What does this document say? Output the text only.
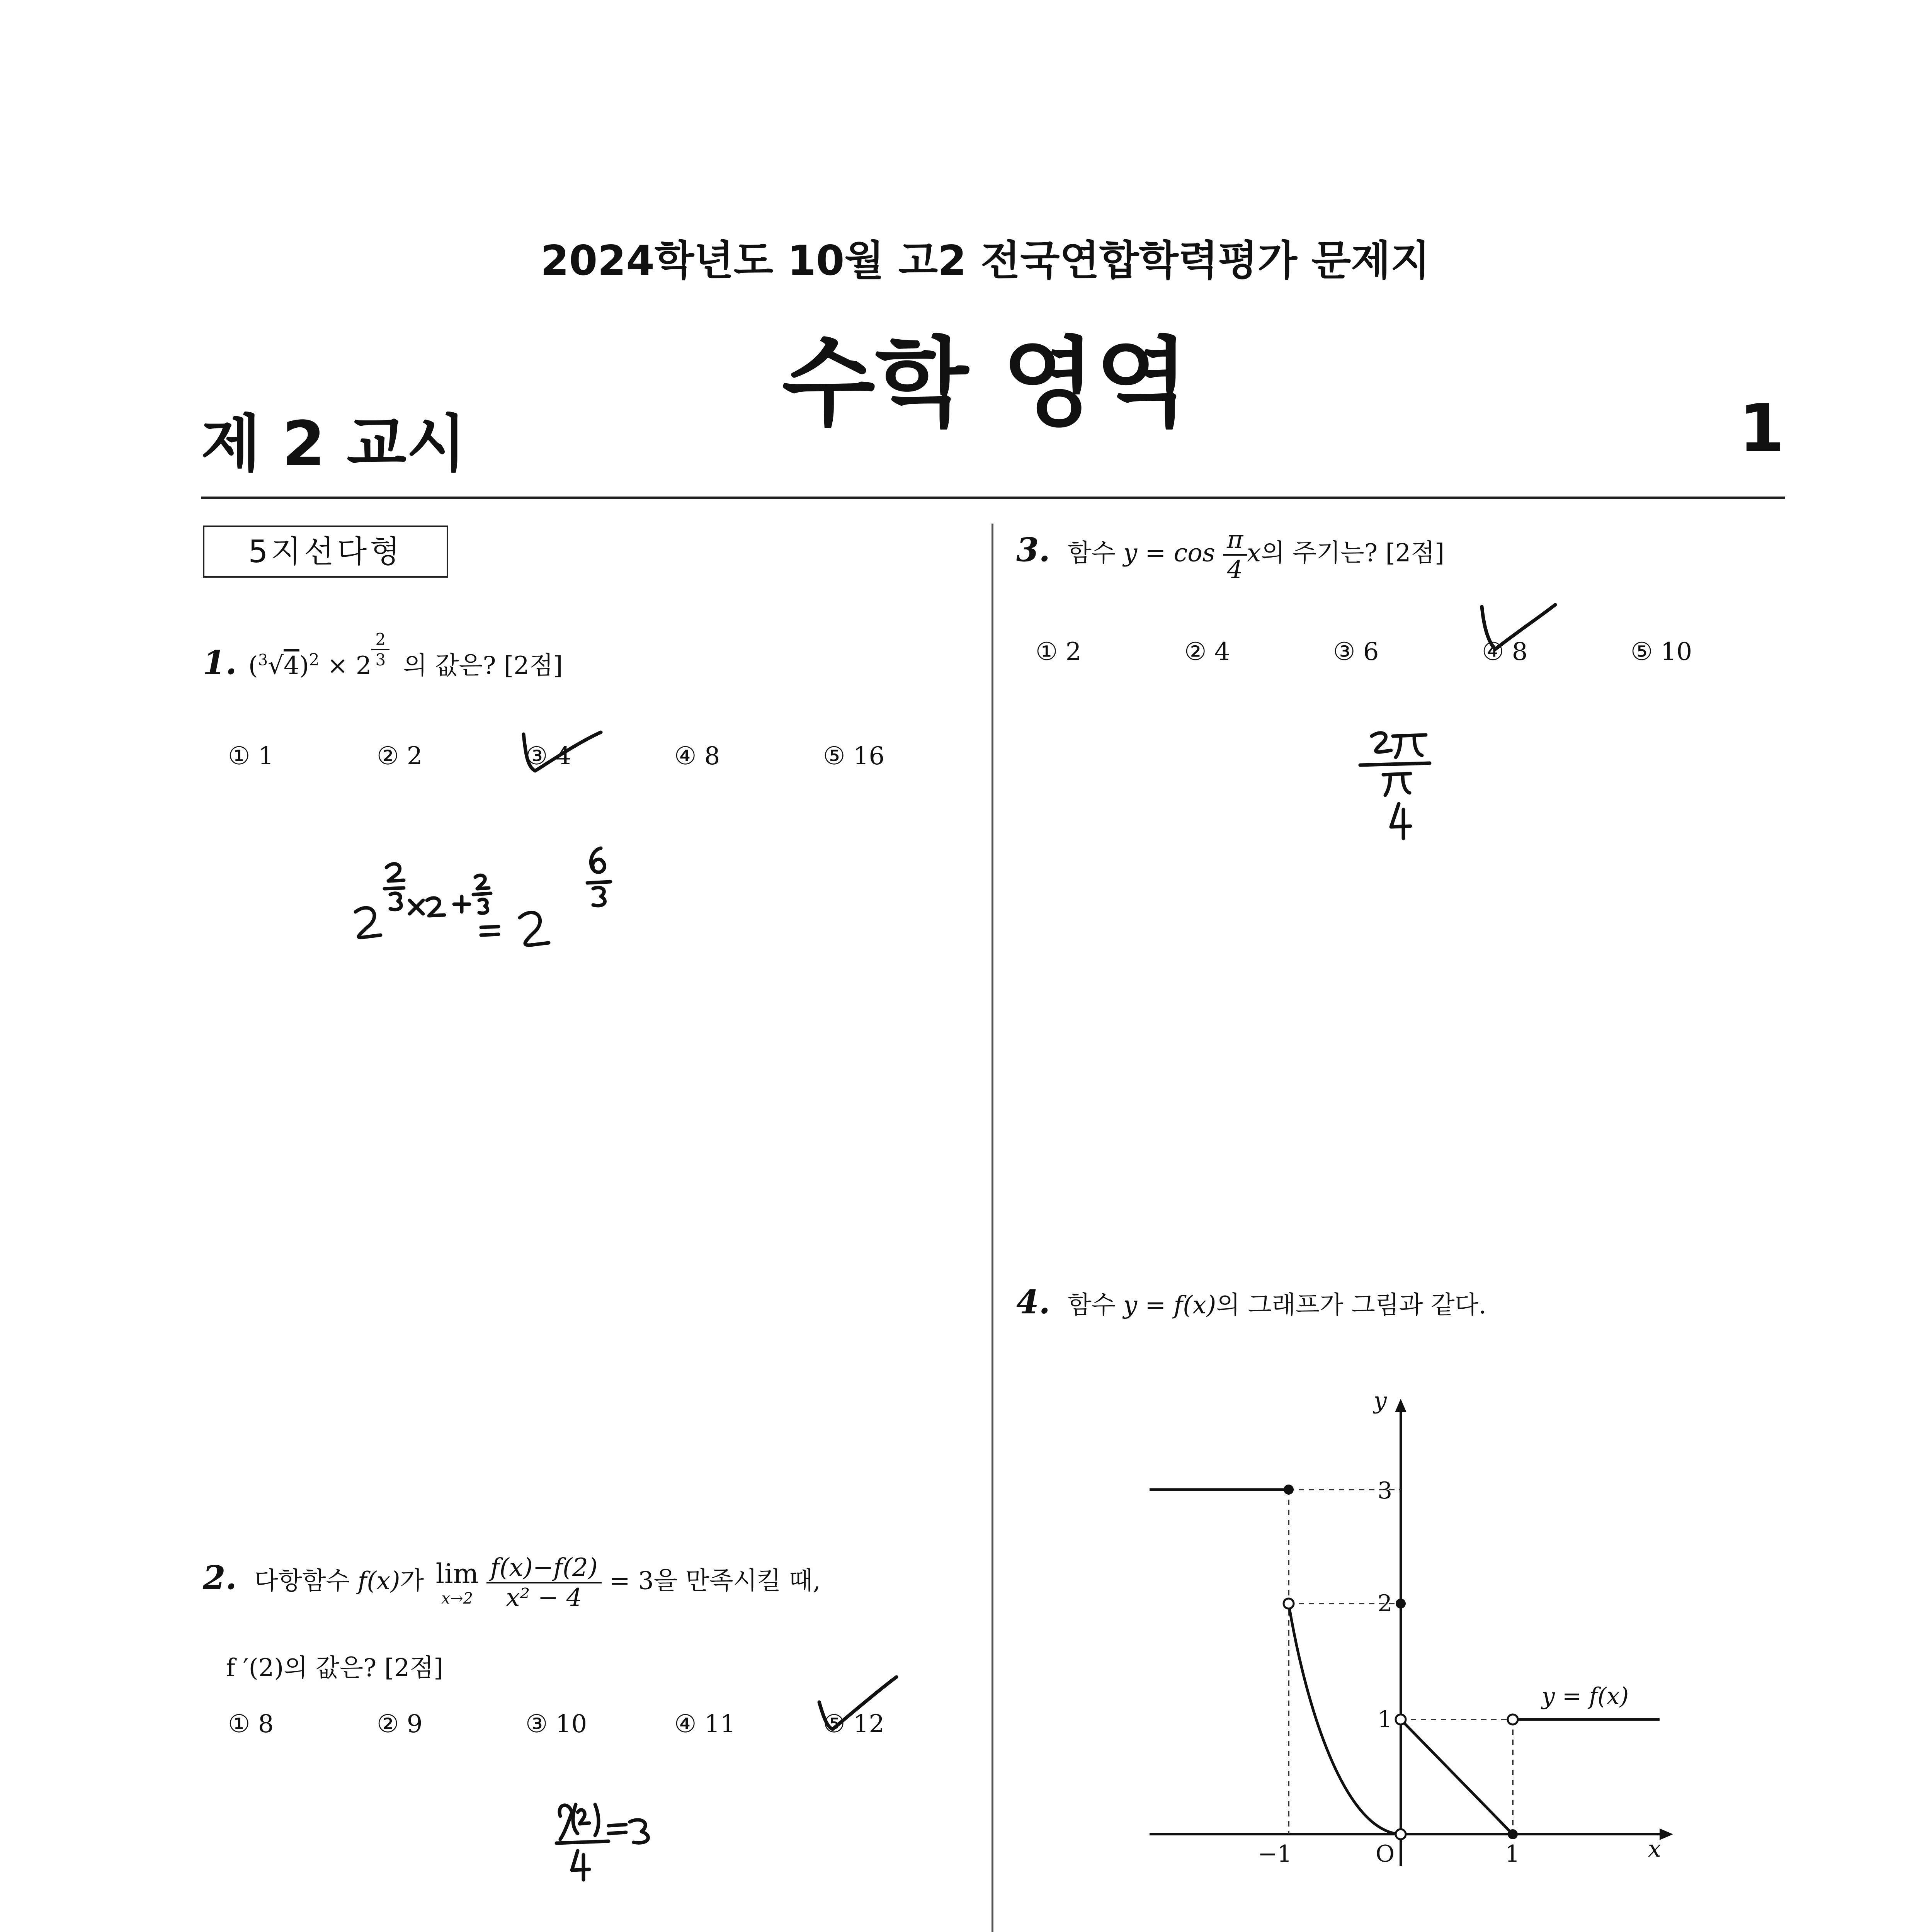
2024학년도 10월 고2 전국연합학력평가 문제지
수학 영역
제 2 교시	1
5지선다형
1. $(^3√4)^2 \times 2$ $^{\frac{2}{3}}$ 의 값은? [2점]
① 1	② 2	③ 4	④ 8	⑤ 16
2. 다항함수 f(x)가 lim
x→2
$\frac{f(x)-f(2)}{\text{x² − 4}} = 3$을 만족시킬 때,
f ′(2)의 값은? [2점]
① 8	② 9	③ 10	④ 11	⑤ 12
3. 함수 $y = \cos \frac{\pi}{4}$ x의 주기는? [2점]
① 2	② 4	③ 6	④ 8	⑤ 10
4. 함수 y = f(x)의 그래프가 그림과 같다.
y
x
O
−1	1
1
2
3
y = f(x)
